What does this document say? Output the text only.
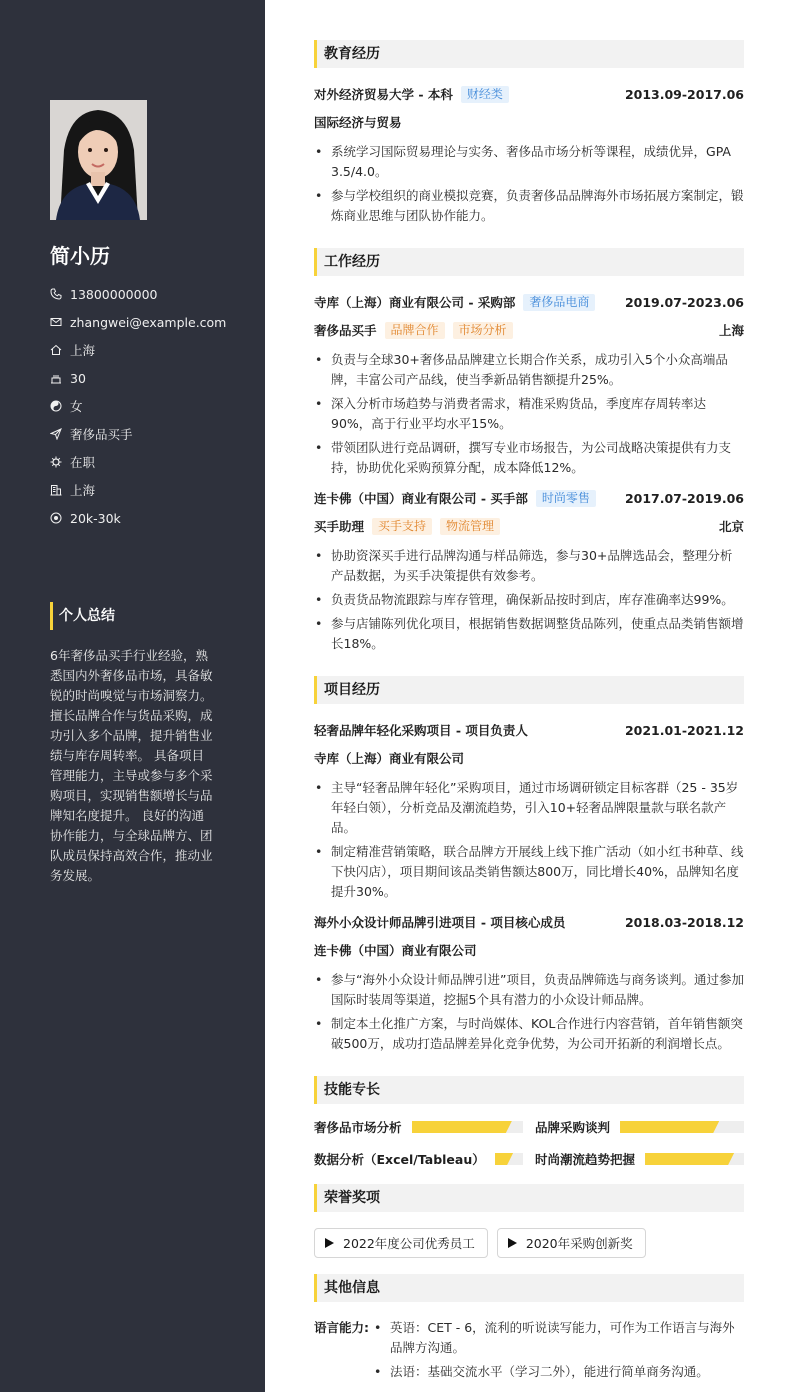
简小历
13800000000
zhangwei@example.com
上海
30
女
奢侈品买手
在职
上海
20k-30k
个人总结
6年奢侈品买手行业经验，熟悉国内外奢侈品市场，具备敏锐的时尚嗅觉与市场洞察力。 擅长品牌合作与货品采购，成功引入多个品牌，提升销售业绩与库存周转率。 具备项目管理能力，主导或参与多个采购项目，实现销售额增长与品牌知名度提升。 良好的沟通协作能力，与全球品牌方、团队成员保持高效合作，推动业务发展。
教育经历
对外经济贸易大学 - 本科	财经类	2013.09-2017.06
国际经济与贸易
• 系统学习国际贸易理论与实务、奢侈品市场分析等课程，成绩优异，GPA 3.5/4.0。
• 参与学校组织的商业模拟竞赛，负责奢侈品品牌海外市场拓展方案制定，锻炼商业思维与团队协作能力。
工作经历
寺库（上海）商业有限公司 - 采购部	奢侈品电商	2019.07-2023.06
奢侈品买手	品牌合作	市场分析	上海
• 负责与全球30+奢侈品品牌建立长期合作关系，成功引入5个小众高端品牌，丰富公司产品线，使当季新品销售额提升25%。
• 深入分析市场趋势与消费者需求，精准采购货品，季度库存周转率达90%，高于行业平均水平15%。
• 带领团队进行竞品调研，撰写专业市场报告，为公司战略决策提供有力支持，协助优化采购预算分配，成本降低12%。
连卡佛（中国）商业有限公司 - 买手部	时尚零售	2017.07-2019.06
买手助理	买手支持	物流管理	北京
• 协助资深买手进行品牌沟通与样品筛选，参与30+品牌选品会，整理分析产品数据，为买手决策提供有效参考。
• 负责货品物流跟踪与库存管理，确保新品按时到店，库存准确率达99%。
• 参与店铺陈列优化项目，根据销售数据调整货品陈列，使重点品类销售额增长18%。
项目经历
轻奢品牌年轻化采购项目 - 项目负责人	2021.01-2021.12
寺库（上海）商业有限公司
• 主导“轻奢品牌年轻化”采购项目，通过市场调研锁定目标客群（25 - 35岁年轻白领），分析竞品及潮流趋势，引入10+轻奢品牌限量款与联名款产品。
• 制定精准营销策略，联合品牌方开展线上线下推广活动（如小红书种草、线下快闪店），项目期间该品类销售额达800万，同比增长40%，品牌知名度提升30%。
海外小众设计师品牌引进项目 - 项目核心成员	2018.03-2018.12
连卡佛（中国）商业有限公司
• 参与“海外小众设计师品牌引进”项目，负责品牌筛选与商务谈判。通过参加国际时装周等渠道，挖掘5个具有潜力的小众设计师品牌。
• 制定本土化推广方案，与时尚媒体、KOL合作进行内容营销，首年销售额突破500万，成功打造品牌差异化竞争优势，为公司开拓新的利润增长点。
技能专长
奢侈品市场分析	品牌采购谈判
数据分析（Excel/Tableau）	时尚潮流趋势把握
荣誉奖项
2022年度公司优秀员工	2020年采购创新奖
其他信息
语言能力:
•	英语：CET - 6，流利的听说读写能力，可作为工作语言与海外品牌方沟通。
• 法语：基础交流水平（学习二外），能进行简单商务沟通。
